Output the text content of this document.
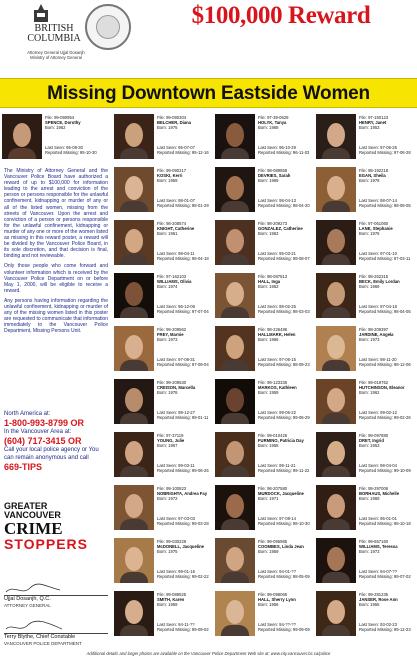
BRITISH COLUMBIA
Attorney General Ujjal Dosanjh
Ministry of Attorney General
$100,000 Reward
Missing Downtown Eastside Women
File: 99-090954
SPENCE, Dorothy
Born: 1962
Last Seen: 95-08-30
Reported Missing: 95-10-30

The Ministry of Attorney General and the Vancouver Police Board have authorized a reward of up to $100,000 for information leading to the arrest and conviction of the person or persons responsible for the unlawful confinement, kidnapping or murder of any or all of the listed women, missing from the streets of Vancouver. Upon the arrest and conviction of a person or persons responsible for the unlawful confinement, kidnapping or murder of any one or more of the women listed as missing in this reward poster, a reward will be divided by the Vancouver Police Board, in its sole discretion, and that decision is final, binding and not reviewable.

Only those people who come forward and volunteer information which is received by the Vancouver Police Department on or before May 1, 2000, will be eligible to receive a reward.

Any persons having information regarding the unlawful confinement, kidnapping or murder of any of the missing women listed in this poster are requested to communicate that information immediately to the Vancouver Police Department, Missing Persons Unit.

North America at:
1-800-993-8799 OR
In the Vancouver Area at:
(604) 717-3415 OR
Call your local police agency or You can remain anonymous and call
669-TIPS
GREATER
VANCOUVER
CRIME
STOPPERS
Ujjal Dosanjh, Q.C.
ATTORNEY GENERAL
Terry Blythe, Chief Constable
VANCOUVER POLICE DEPARTMENT
File: 99-090304
BELCHER, Diana
Born: 1975
Last Seen: 95-07-07
Reported Missing: 95-12-16
File: 97-39-0629
HOLYK, Tanya
Born: 1968
Last Seen: 96-10-29
Reported Missing: 96-11-03
File: 97-150123
HENRY, Janet
Born: 1953
Last Seen: 97-06-25
Reported Missing: 97-06-28
File: 99-090217
KOSKI, Kerri
Born: 1959
Last Seen: 98-01-07
Reported Missing: 98-01-29
File: 98-089858
DEVRIES, Sarah
Born: 1969
Last Seen: 98-04-13
Reported Missing: 98-04-20
File: 98-192218
EGAN, Sheila
Born: 1978
Last Seen: 98-07-14
Reported Missing: 98-08-05
File: 98-208574
KNIGHT, Catherine
Born: 1961
Last Seen: 98-04-11
Reported Missing: 98-04-18
File: 98-209273
GONZALEZ, Catherine
Born: 1963
Last Seen: 95-03-21
Reported Missing: 98-08-07
File: 97-061060
LANE, Stephanie
Born: 1976
Last Seen: 97-01-10
Reported Missing: 97-03-11
File: 97-162103
WILLIAMS, Olivia
Born: 1974
Last Seen: 96-12-06
Reported Missing: 97-07-04
File: 98-087813
HALL, Inga
Born: 1952
Last Seen: 98-02-25
Reported Missing: 98-03-03
File: 98-262315
BECK, Emily Lordan
Born: 1969
Last Seen: 97-04-18
Reported Missing: 98-04-05
File: 99-209562
FREY, Marnie
Born: 1973
Last Seen: 97-08-31
Reported Missing: 97-09-04
File: 98-226486
HALLMARK, Helen
Born: 1966
Last Seen: 97-06-15
Reported Missing: 98-09-23
File: 98-209397
JARDINE, Angela
Born: 1973
Last Seen: 98-11-20
Reported Missing: 98-12-06
File: 99-209530
CREISON, Marcella
Born: 1978
Last Seen: 98-12-27
Reported Missing: 99-01-11
File: 99-123335
MARKOS, Kathleen
Born: 1959
Last Seen: 99-06-22
Reported Missing: 99-06-29
File: 99-019752
HUTCHINSON, Eleanor
Born: 1962
Last Seen: 99-02-12
Reported Missing: 99-02-26
File: 97-37119
YOUNG, Julie
Born: 1967
Last Seen: 99-03-11
Reported Missing: 99-06-25
File: 99-010426
FURMINO, Patricia Day
Born: 1958
Last Seen: 99-11-21
Reported Missing: 99-11-22
File: 99-097880
DRET, Ingrid
Born: 1953
Last Seen: 98-04-04
Reported Missing: 99-10-09
File: 99-100823
NOBRIGHTA, Andrea Fay
Born: 1972
Last Seen: 97-03-03
Reported Missing: 99-03-28
File: 98-207580
MURDOCK, Jacqueline
Born: 1971
Last Seen: 97-08-14
Reported Missing: 98-10-30
File: 99-297006
BORHAUS, Michelle
Born: 1969
Last Seen: 95-01-01
Reported Missing: 98-10-18
File: 99-030229
McDONELL, Jacqueline
Born: 1975
Last Seen: 99-01-16
Reported Missing: 99-02-22
File: 99-096985
COOMBES, Linda Jean
Born: 1959
Last Seen: 94-01-??
Reported Missing: 98-05-09
File: 99-657160
WILLIAMS, Teressa
Born: 1973
Last Seen: 94-07-??
Reported Missing: 99-07-02
File: 99-089525
SMITH, Karen
Born: 1959
Last Seen: 94-11-??
Reported Missing: 99-09-02
File: 99-098065
HALL, Sherry Lynn
Born: 1956
Last Seen: 94-??-??
Reported Missing: 99-09-09
File: 99-281235
JANSER, Rose Ann
Born: 1955
Last Seen: 93-02-23
Reported Missing: 99-12-23
Additional details and larger photos are available on the Vancouver Police Department Web site at: www.city.vancouver.bc.ca/police
